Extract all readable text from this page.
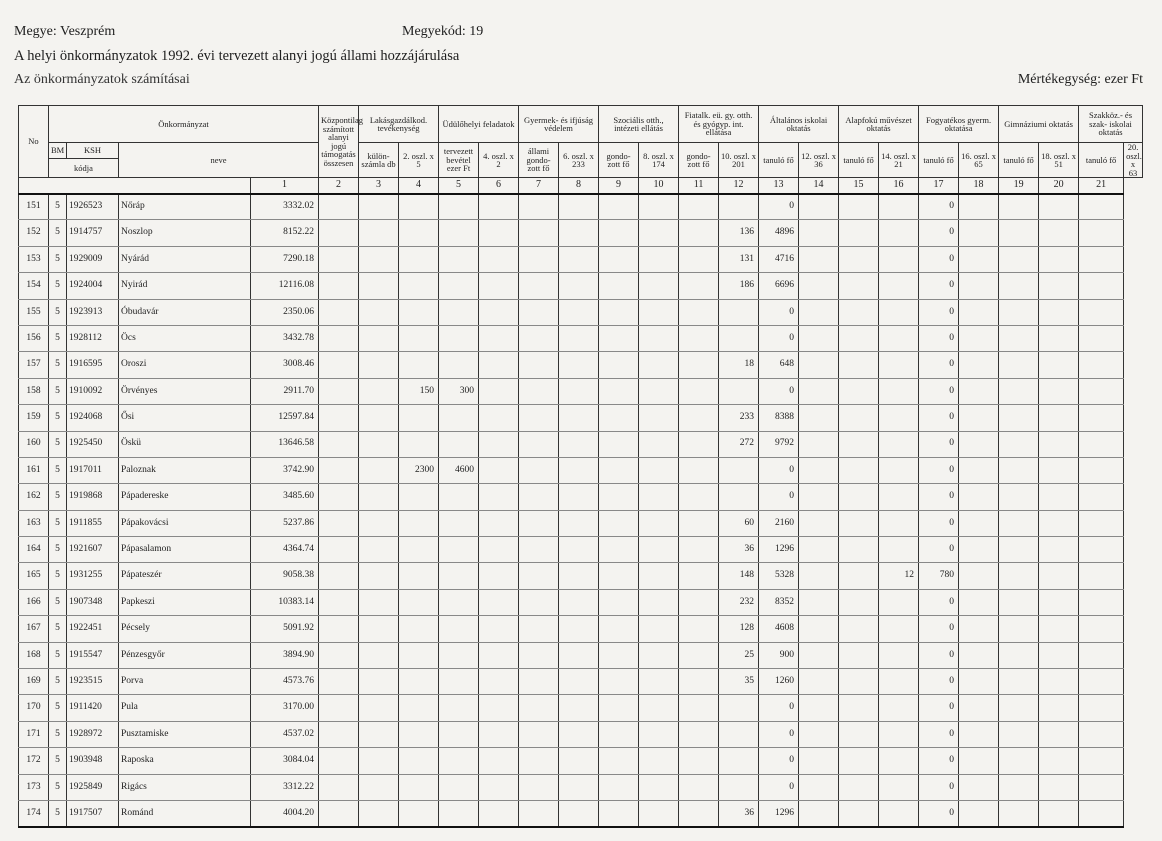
Megye: Veszprém	Megyekód: 19
A helyi önkormányzatok 1992. évi tervezett alanyi jogú állami hozzájárulása
Az önkormányzatok számításai	Mértékegység: ezer Ft
No	Önkormányzat				Központilag számított alanyi jogú támogatás összesen	Lakásgazdálkod. tevékenység		Üdülőhelyi feladatok		Gyermek- és ifjúság védelem		Szociális otth., intézeti ellátás		Fiatalk. eü. gy. otth. és gyógyp. int. ellátása		Általános iskolai oktatás		Alapfokú művészet oktatás		Fogyatékos gyerm. oktatása		Gimnáziumi oktatás		Szakköz.- és szak- iskolai oktatás	
	BM	KSH	neve			külön- számla db	2. oszl. x 5	tervezett bevétel ezer Ft	4. oszl. x 2	állami gondo- zott fő	6. oszl. x 233	gondo- zott fő	8. oszl. x 174	gondo- zott fő	10. oszl. x 201	tanuló fő	12. oszl. x 36	tanuló fő	14. oszl. x 21	tanuló fő	16. oszl. x 65	tanuló fő	18. oszl. x 51	tanuló fő	20. oszl. x 63
	kódja																								
				1	2	3	4	5	6	7	8	9	10	11	12	13	14	15	16	17	18	19	20	21	
151	5	1926523	Nőráp	3332.02												0				0					
152	5	1914757	Noszlop	8152.22											136	4896				0					
153	5	1929009	Nyárád	7290.18											131	4716				0					
154	5	1924004	Nyirád	12116.08											186	6696				0					
155	5	1923913	Óbudavár	2350.06												0				0					
156	5	1928112	Öcs	3432.78												0				0					
157	5	1916595	Oroszi	3008.46											18	648				0					
158	5	1910092	Örvényes	2911.70			150	300								0				0					
159	5	1924068	Ősi	12597.84											233	8388				0					
160	5	1925450	Öskü	13646.58											272	9792				0					
161	5	1917011	Paloznak	3742.90			2300	4600								0				0					
162	5	1919868	Pápadereske	3485.60												0				0					
163	5	1911855	Pápakovácsi	5237.86											60	2160				0					
164	5	1921607	Pápasalamon	4364.74											36	1296				0					
165	5	1931255	Pápateszér	9058.38											148	5328			12	780					
166	5	1907348	Papkeszi	10383.14											232	8352				0					
167	5	1922451	Pécsely	5091.92											128	4608				0					
168	5	1915547	Pénzesgyőr	3894.90											25	900				0					
169	5	1923515	Porva	4573.76											35	1260				0					
170	5	1911420	Pula	3170.00												0				0					
171	5	1928972	Pusztamiske	4537.02												0				0					
172	5	1903948	Raposka	3084.04												0				0					
173	5	1925849	Rigács	3312.22												0				0					
174	5	1917507	Románd	4004.20											36	1296				0					
